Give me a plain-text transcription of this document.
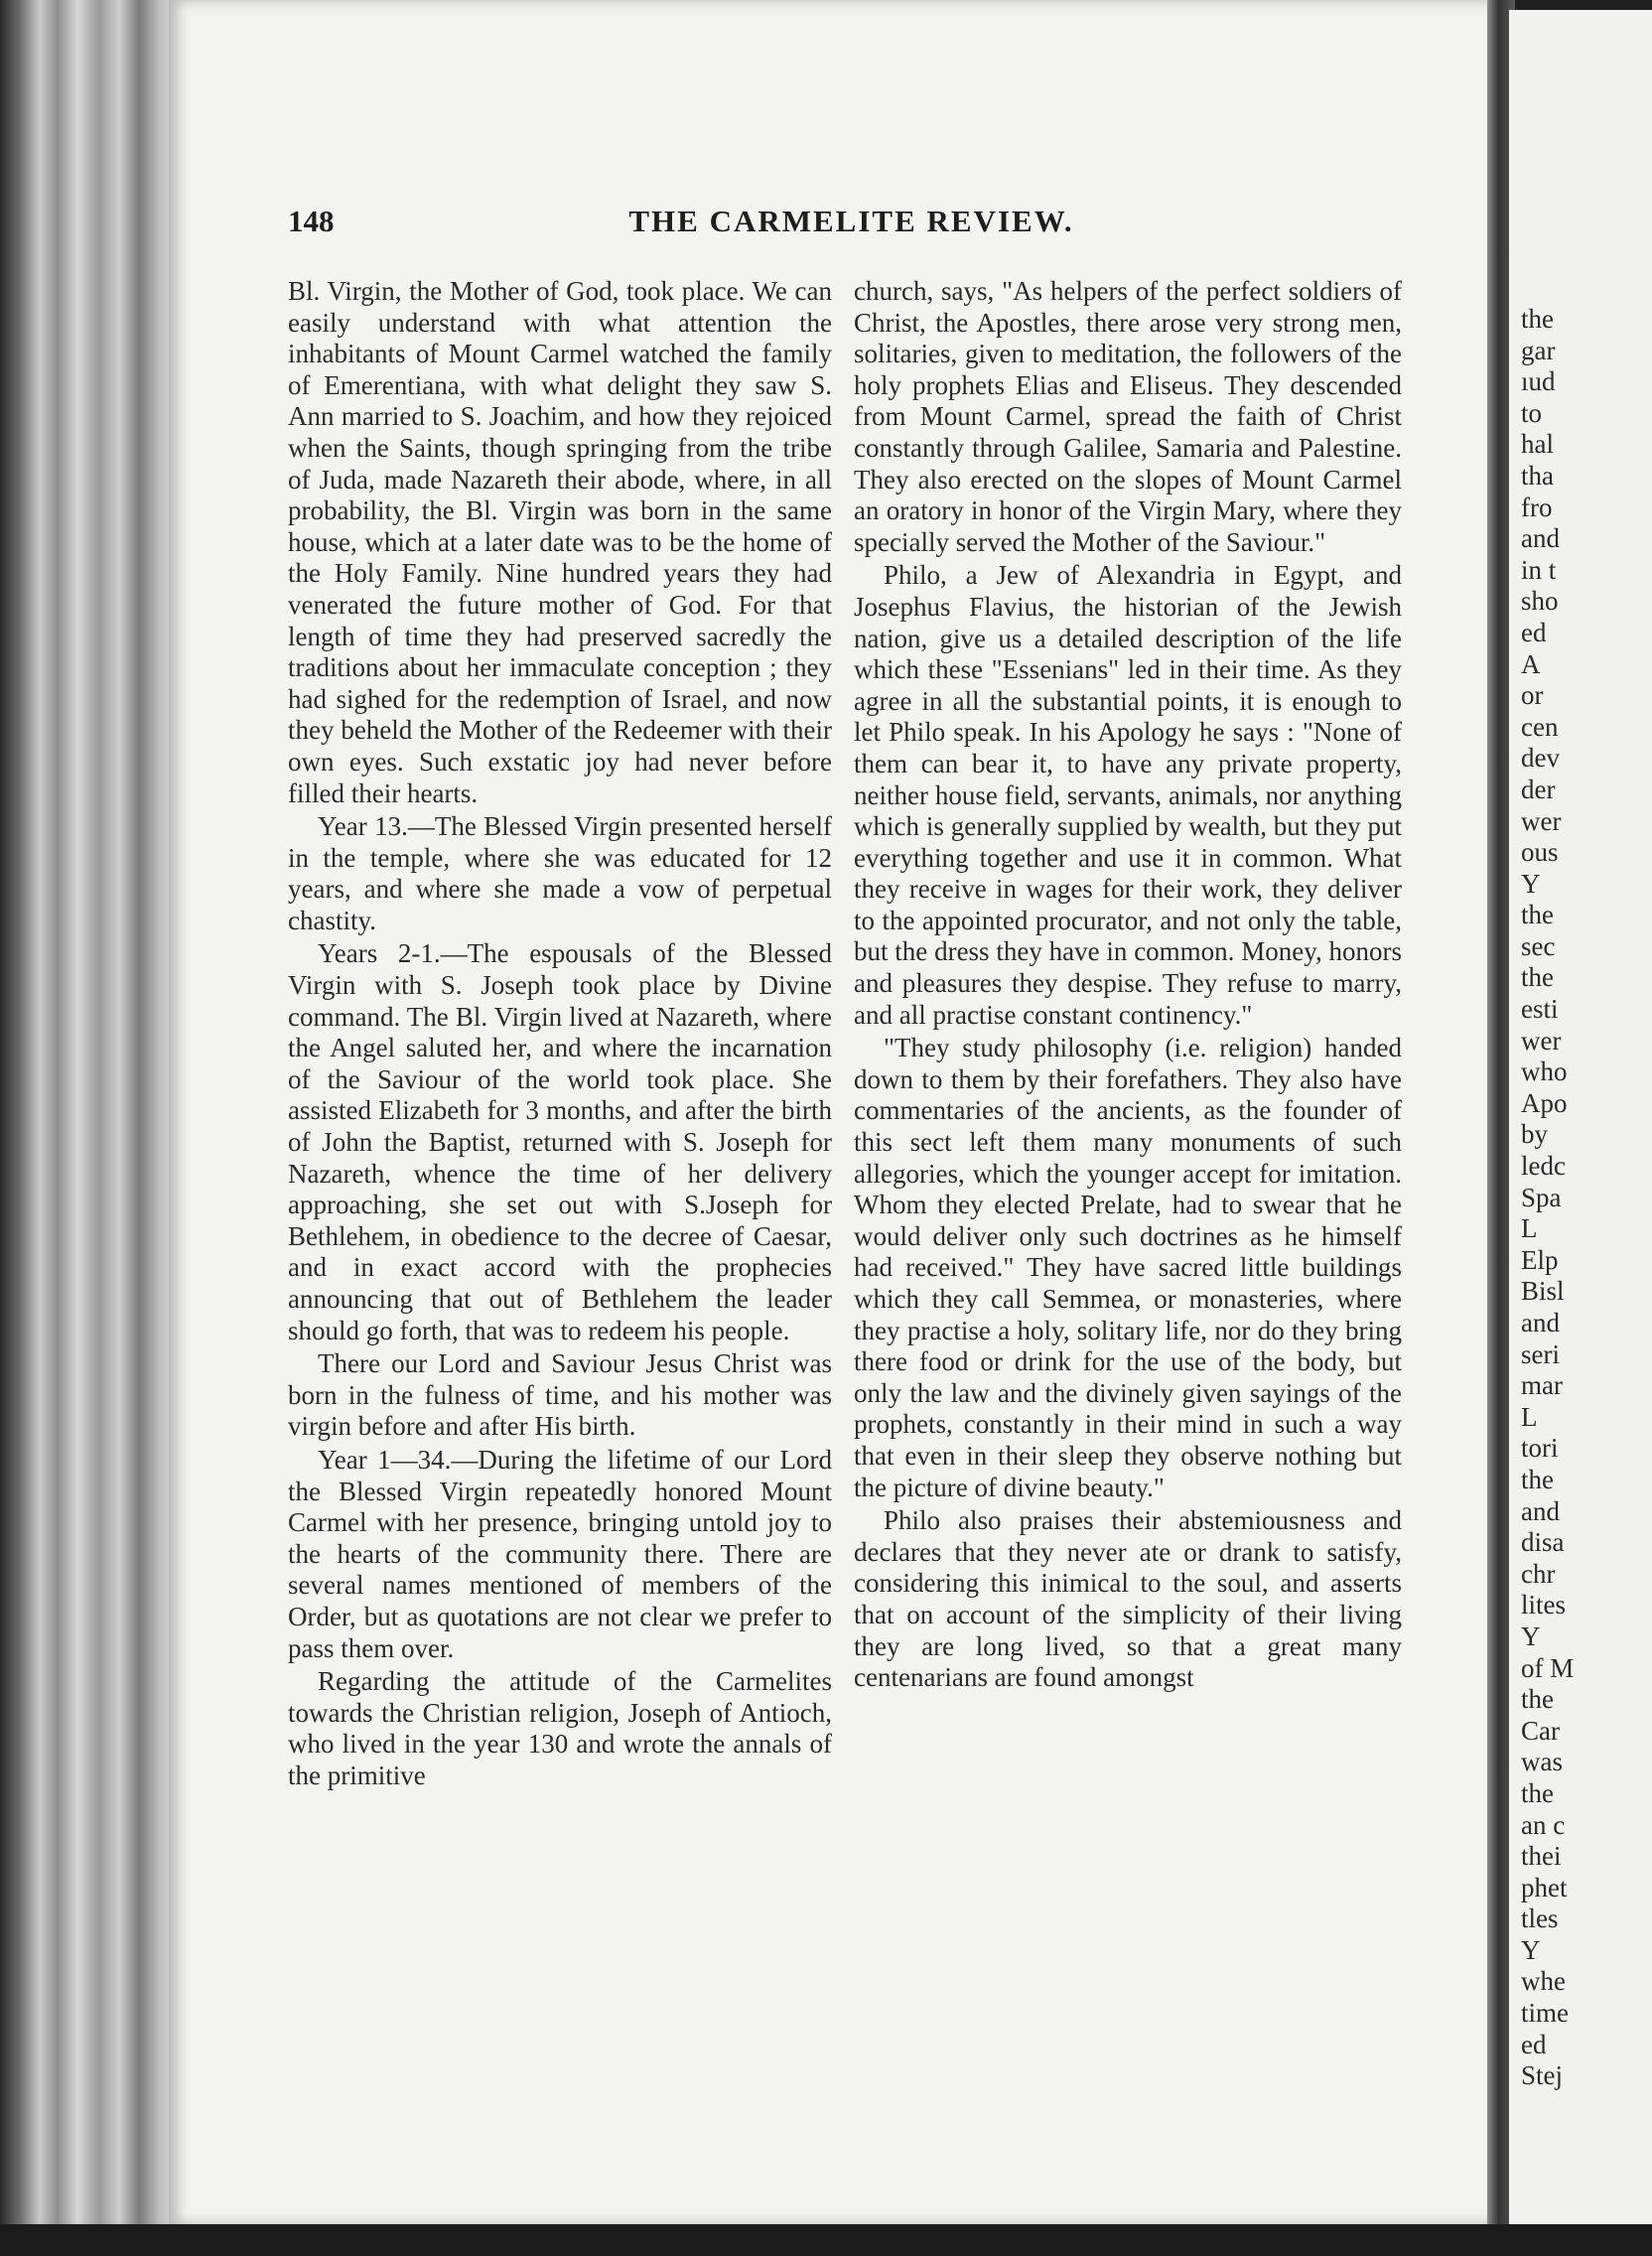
the
gar
ıud
to
hal
tha
fro
and
in t
sho
ed
A
or
cen
dev
der
wer
ous
Y
the
sec
the
esti
wer
who
Apo
by
ledc
Spa
L
Elp
Bisl
and
seri
mar
L
tori
the
and
disa
chr
lites
Y
of M
the
Car
was
the
an c
thei
phet
tles
Y
whe
time
ed
Stej
148	THE CARMELITE REVIEW.

Bl. Virgin, the Mother of God, took place. We can easily understand with what attention the inhabitants of Mount Carmel watched the family of Emerentiana, with what delight they saw S. Ann married to S. Joachim, and how they rejoiced when the Saints, though springing from the tribe of Juda, made Nazareth their abode, where, in all probability, the Bl. Virgin was born in the same house, which at a later date was to be the home of the Holy Family. Nine hundred years they had venerated the future mother of God. For that length of time they had preserved sacredly the traditions about her immaculate conception ; they had sighed for the redemption of Israel, and now they beheld the Mother of the Redeemer with their own eyes. Such exstatic joy had never before filled their hearts.

Year 13.—The Blessed Virgin presented herself in the temple, where she was educated for 12 years, and where she made a vow of perpetual chastity.

Years 2-1.—The espousals of the Blessed Virgin with S. Joseph took place by Divine command. The Bl. Virgin lived at Nazareth, where the Angel saluted her, and where the incarnation of the Saviour of the world took place. She assisted Elizabeth for 3 months, and after the birth of John the Baptist, returned with S. Joseph for Nazareth, whence the time of her delivery approaching, she set out with S.Joseph for Bethlehem, in obedience to the decree of Caesar, and in exact accord with the prophecies announcing that out of Bethlehem the leader should go forth, that was to redeem his people.

There our Lord and Saviour Jesus Christ was born in the fulness of time, and his mother was virgin before and after His birth.

Year 1—34.—During the lifetime of our Lord the Blessed Virgin repeatedly honored Mount Carmel with her presence, bringing untold joy to the hearts of the community there. There are several names mentioned of members of the Order, but as quotations are not clear we prefer to pass them over.

Regarding the attitude of the Carmelites towards the Christian religion, Joseph of Antioch, who lived in the year 130 and wrote the annals of the primitive

church, says, "As helpers of the perfect soldiers of Christ, the Apostles, there arose very strong men, solitaries, given to meditation, the followers of the holy prophets Elias and Eliseus. They descended from Mount Carmel, spread the faith of Christ constantly through Galilee, Samaria and Palestine. They also erected on the slopes of Mount Carmel an oratory in honor of the Virgin Mary, where they specially served the Mother of the Saviour."

Philo, a Jew of Alexandria in Egypt, and Josephus Flavius, the historian of the Jewish nation, give us a detailed description of the life which these "Essenians" led in their time. As they agree in all the substantial points, it is enough to let Philo speak. In his Apology he says : "None of them can bear it, to have any private property, neither house field, servants, animals, nor anything which is generally supplied by wealth, but they put everything together and use it in common. What they receive in wages for their work, they deliver to the appointed procurator, and not only the table, but the dress they have in common. Money, honors and pleasures they despise. They refuse to marry, and all practise constant continency."

"They study philosophy (i.e. religion) handed down to them by their forefathers. They also have commentaries of the ancients, as the founder of this sect left them many monuments of such allegories, which the younger accept for imitation. Whom they elected Prelate, had to swear that he would deliver only such doctrines as he himself had received." They have sacred little buildings which they call Semmea, or monasteries, where they practise a holy, solitary life, nor do they bring there food or drink for the use of the body, but only the law and the divinely given sayings of the prophets, constantly in their mind in such a way that even in their sleep they observe nothing but the picture of divine beauty."

Philo also praises their abstemiousness and declares that they never ate or drank to satisfy, considering this inimical to the soul, and asserts that on account of the simplicity of their living they are long lived, so that a great many centenarians are found amongst
